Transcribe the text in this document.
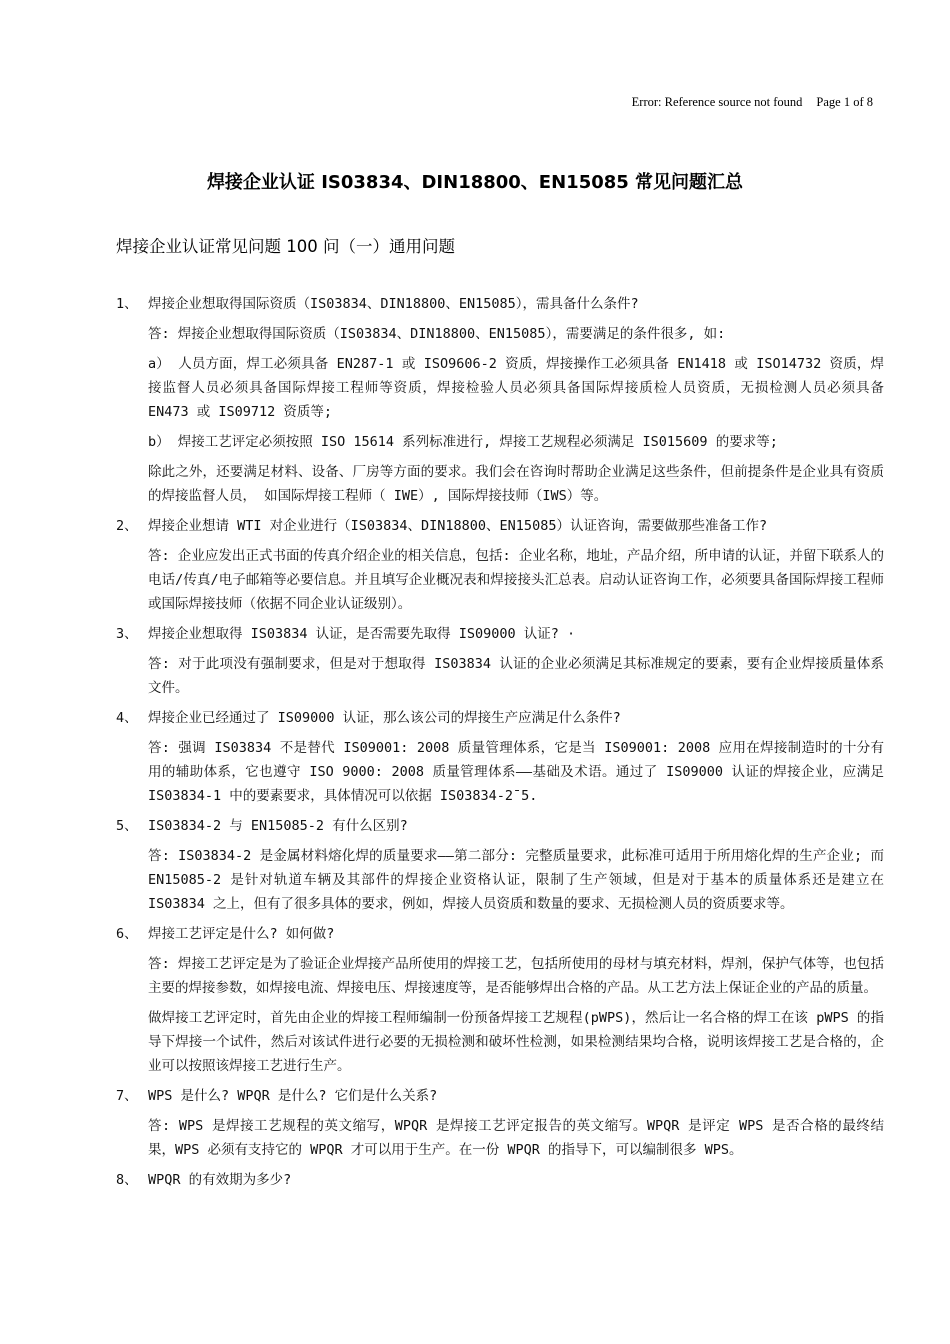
Error: Reference source not found Page 1 of 8
焊接企业认证 IS03834、DIN18800、EN15085 常见问题汇总
焊接企业认证常见问题 100 问（一）通用问题
1、 焊接企业想取得国际资质（IS03834、DIN18800、EN15085），需具备什么条件?
答: 焊接企业想取得国际资质（IS03834、DIN18800、EN15085），需要满足的条件很多, 如:
a） 人员方面，焊工必须具备 EN287-1 或 ISO9606-2 资质，焊接操作工必须具备 EN1418 或 ISO14732 资质，焊接监督人员必须具备国际焊接工程师等资质，焊接检验人员必须具备国际焊接质检人员资质，无损检测人员必须具备 EN473 或 IS09712 资质等;
b） 焊接工艺评定必须按照 ISO 15614 系列标准进行, 焊接工艺规程必须满足 IS015609 的要求等;
除此之外，还要满足材料、设备、厂房等方面的要求。我们会在咨询时帮助企业满足这些条件，但前提条件是企业具有资质的焊接监督人员， 如国际焊接工程师（ IWE）, 国际焊接技师（IWS）等。
2、 焊接企业想请 WTI 对企业进行（IS03834、DIN18800、EN15085）认证咨询，需要做那些准备工作?
答: 企业应发出正式书面的传真介绍企业的相关信息，包括: 企业名称，地址，产品介绍，所申请的认证，并留下联系人的电话/传真/电子邮箱等必要信息。并且填写企业概况表和焊接接头汇总表。启动认证咨询工作，必须要具备国际焊接工程师或国际焊接技师（依据不同企业认证级别）。
3、 焊接企业想取得 IS03834 认证，是否需要先取得 IS09000 认证? ·
答: 对于此项没有强制要求，但是对于想取得 IS03834 认证的企业必须满足其标准规定的要素，要有企业焊接质量体系文件。
4、 焊接企业已经通过了 IS09000 认证，那么该公司的焊接生产应满足什么条件?
答: 强调 IS03834 不是替代 IS09001: 2008 质量管理体系，它是当 IS09001: 2008 应用在焊接制造时的十分有用的辅助体系，它也遵守 ISO 9000: 2008 质量管理体系——基础及术语。通过了 IS09000 认证的焊接企业，应满足 IS03834-1 中的要素要求，具体情况可以依据 IS03834-2¯5.
5、 IS03834-2 与 EN15085-2 有什么区别?
答: IS03834-2 是金属材料熔化焊的质量要求——第二部分: 完整质量要求，此标准可适用于所用熔化焊的生产企业; 而 EN15085-2 是针对轨道车辆及其部件的焊接企业资格认证，限制了生产领域，但是对于基本的质量体系还是建立在 IS03834 之上，但有了很多具体的要求，例如，焊接人员资质和数量的要求、无损检测人员的资质要求等。
6、 焊接工艺评定是什么? 如何做?
答: 焊接工艺评定是为了验证企业焊接产品所使用的焊接工艺，包括所使用的母材与填充材料，焊剂，保护气体等，也包括主要的焊接参数，如焊接电流、焊接电压、焊接速度等，是否能够焊出合格的产品。从工艺方法上保证企业的产品的质量。
做焊接工艺评定时，首先由企业的焊接工程师编制一份预备焊接工艺规程(pWPS)，然后让一名合格的焊工在该 pWPS 的指导下焊接一个试件，然后对该试件进行必要的无损检测和破坏性检测，如果检测结果均合格，说明该焊接工艺是合格的，企业可以按照该焊接工艺进行生产。
7、 WPS 是什么? WPQR 是什么? 它们是什么关系?
答: WPS 是焊接工艺规程的英文缩写，WPQR 是焊接工艺评定报告的英文缩写。WPQR 是评定 WPS 是否合格的最终结果，WPS 必须有支持它的 WPQR 才可以用于生产。在一份 WPQR 的指导下，可以编制很多 WPS。
8、 WPQR 的有效期为多少?
